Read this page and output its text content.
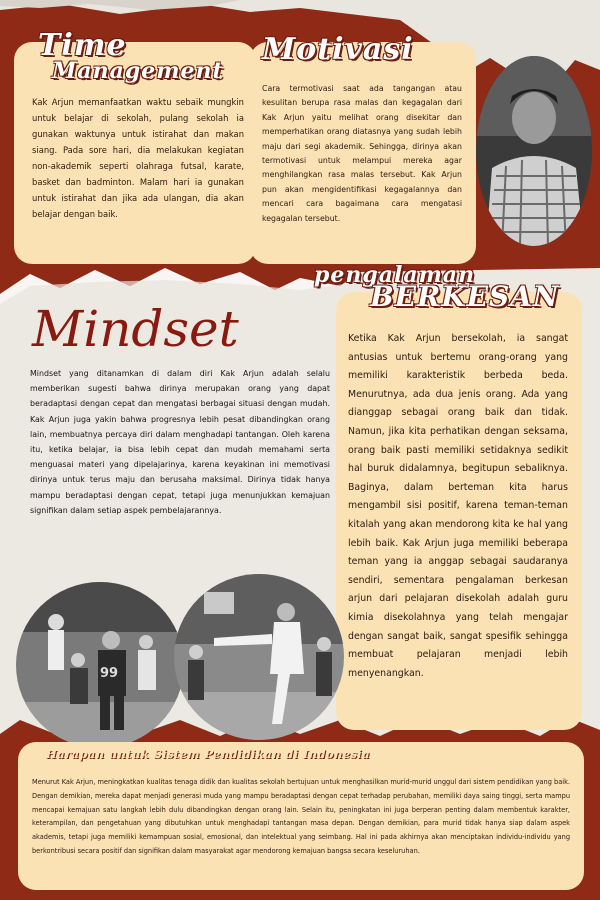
Kak Arjun memanfaatkan waktu sebaik mungkin untuk belajar di sekolah, pulang sekolah ia gunakan waktunya untuk istirahat dan makan siang. Pada sore hari, dia melakukan kegiatan non-akademik seperti olahraga futsal, karate, basket dan badminton. Malam hari ia gunakan untuk istirahat dan jika ada ulangan, dia akan belajar dengan baik.

Time
Management

Cara termotivasi saat ada tangangan atau kesulitan berupa rasa malas dan kegagalan dari Kak Arjun yaitu melihat orang disekitar dan memperhatikan orang diatasnya yang sudah lebih maju dari segi akademik. Sehingga, dirinya akan termotivasi untuk melampui mereka agar menghilangkan rasa malas tersebut. Kak Arjun pun akan mengidentifikasi kegagalannya dan mencari cara bagaimana cara mengatasi kegagalan tersebut.

Motivasi

Ketika Kak Arjun bersekolah, ia sangat antusias untuk bertemu orang-orang yang memiliki karakteristik berbeda beda. Menurutnya, ada dua jenis orang. Ada yang dianggap sebagai orang baik dan tidak. Namun, jika kita perhatikan dengan seksama, orang baik pasti memiliki setidaknya sedikit hal buruk didalamnya, begitupun sebaliknya. Baginya, dalam berteman kita harus mengambil sisi positif, karena teman-teman kitalah yang akan mendorong kita ke hal yang lebih baik. Kak Arjun juga memiliki beberapa teman yang ia anggap sebagai saudaranya sendiri, sementara pengalaman berkesan arjun dari pelajaran disekolah adalah guru kimia disekolahnya yang telah mengajar dengan sangat baik, sangat spesifik sehingga membuat pelajaran menjadi lebih menyenangkan.

pengalaman
BERKESAN
Mindset

Mindset yang ditanamkan di dalam diri Kak Arjun adalah selalu memberikan sugesti bahwa dirinya merupakan orang yang dapat beradaptasi dengan cepat dan mengatasi berbagai situasi dengan mudah. Kak Arjun juga yakin bahwa progresnya lebih pesat dibandingkan orang lain, membuatnya percaya diri dalam menghadapi tantangan. Oleh karena itu, ketika belajar, ia bisa lebih cepat dan mudah memahami serta menguasai materi yang dipelajarinya, karena keyakinan ini memotivasi dirinya untuk terus maju dan berusaha maksimal. Dirinya tidak hanya mampu beradaptasi dengan cepat, tetapi juga menunjukkan kemajuan signifikan dalam setiap aspek pembelajarannya.

99

Menurut Kak Arjun, meningkatkan kualitas tenaga didik dan kualitas sekolah bertujuan untuk menghasilkan murid-murid unggul dari sistem pendidikan yang baik. Dengan demikian, mereka dapat menjadi generasi muda yang mampu beradaptasi dengan cepat terhadap perubahan, memiliki daya saing tinggi, serta mampu mencapai kemajuan satu langkah lebih dulu dibandingkan dengan orang lain. Selain itu, peningkatan ini juga berperan penting dalam membentuk karakter, keterampilan, dan pengetahuan yang dibutuhkan untuk menghadapi tantangan masa depan. Dengan demikian, para murid tidak hanya siap dalam aspek akademis, tetapi juga memiliki kemampuan sosial, emosional, dan intelektual yang seimbang. Hal ini pada akhirnya akan menciptakan individu-individu yang berkontribusi secara positif dan signifikan dalam masyarakat agar mendorong kemajuan bangsa secara keseluruhan.

Harapan untuk Sistem Pendidikan di Indonesia
